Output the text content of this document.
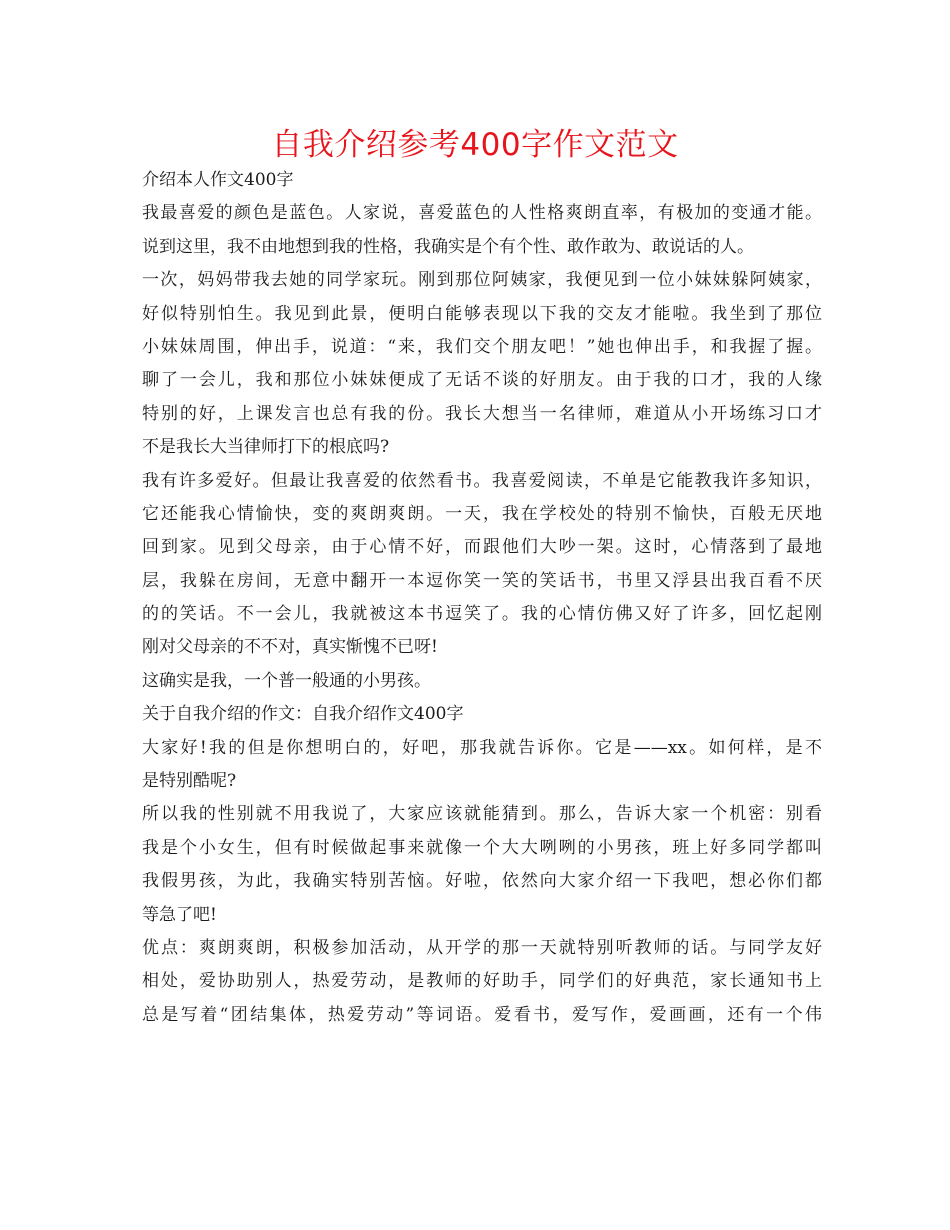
自我介绍参考400字作文范文
介绍本人作文400字
我最喜爱的颜色是蓝色。人家说，喜爱蓝色的人性格爽朗直率，有极加的变通才能。
说到这里，我不由地想到我的性格，我确实是个有个性、敢作敢为、敢说话的人。
一次，妈妈带我去她的同学家玩。刚到那位阿姨家，我便见到一位小妹妹躲阿姨家，
好似特别怕生。我见到此景，便明白能够表现以下我的交友才能啦。我坐到了那位
小妹妹周围，伸出手，说道：“来，我们交个朋友吧！”她也伸出手，和我握了握。
聊了一会儿，我和那位小妹妹便成了无话不谈的好朋友。由于我的口才，我的人缘
特别的好，上课发言也总有我的份。我长大想当一名律师，难道从小开场练习口才
不是我长大当律师打下的根底吗?
我有许多爱好。但最让我喜爱的依然看书。我喜爱阅读，不单是它能教我许多知识，
它还能我心情愉快，变的爽朗爽朗。一天，我在学校处的特别不愉快，百般无厌地
回到家。见到父母亲，由于心情不好，而跟他们大吵一架。这时，心情落到了最地
层，我躲在房间，无意中翻开一本逗你笑一笑的笑话书，书里又浮县出我百看不厌
的的笑话。不一会儿，我就被这本书逗笑了。我的心情仿佛又好了许多，回忆起刚
刚对父母亲的不不对，真实惭愧不已呀!
这确实是我，一个普一般通的小男孩。
关于自我介绍的作文：自我介绍作文400字
大家好!我的但是你想明白的，好吧，那我就告诉你。它是——xx。如何样，是不
是特别酷呢?
所以我的性别就不用我说了，大家应该就能猜到。那么，告诉大家一个机密：别看
我是个小女生，但有时候做起事来就像一个大大咧咧的小男孩，班上好多同学都叫
我假男孩，为此，我确实特别苦恼。好啦，依然向大家介绍一下我吧，想必你们都
等急了吧!
优点：爽朗爽朗，积极参加活动，从开学的那一天就特别听教师的话。与同学友好
相处，爱协助别人，热爱劳动，是教师的好助手，同学们的好典范，家长通知书上
总是写着“团结集体，热爱劳动”等词语。爱看书，爱写作，爱画画，还有一个伟
